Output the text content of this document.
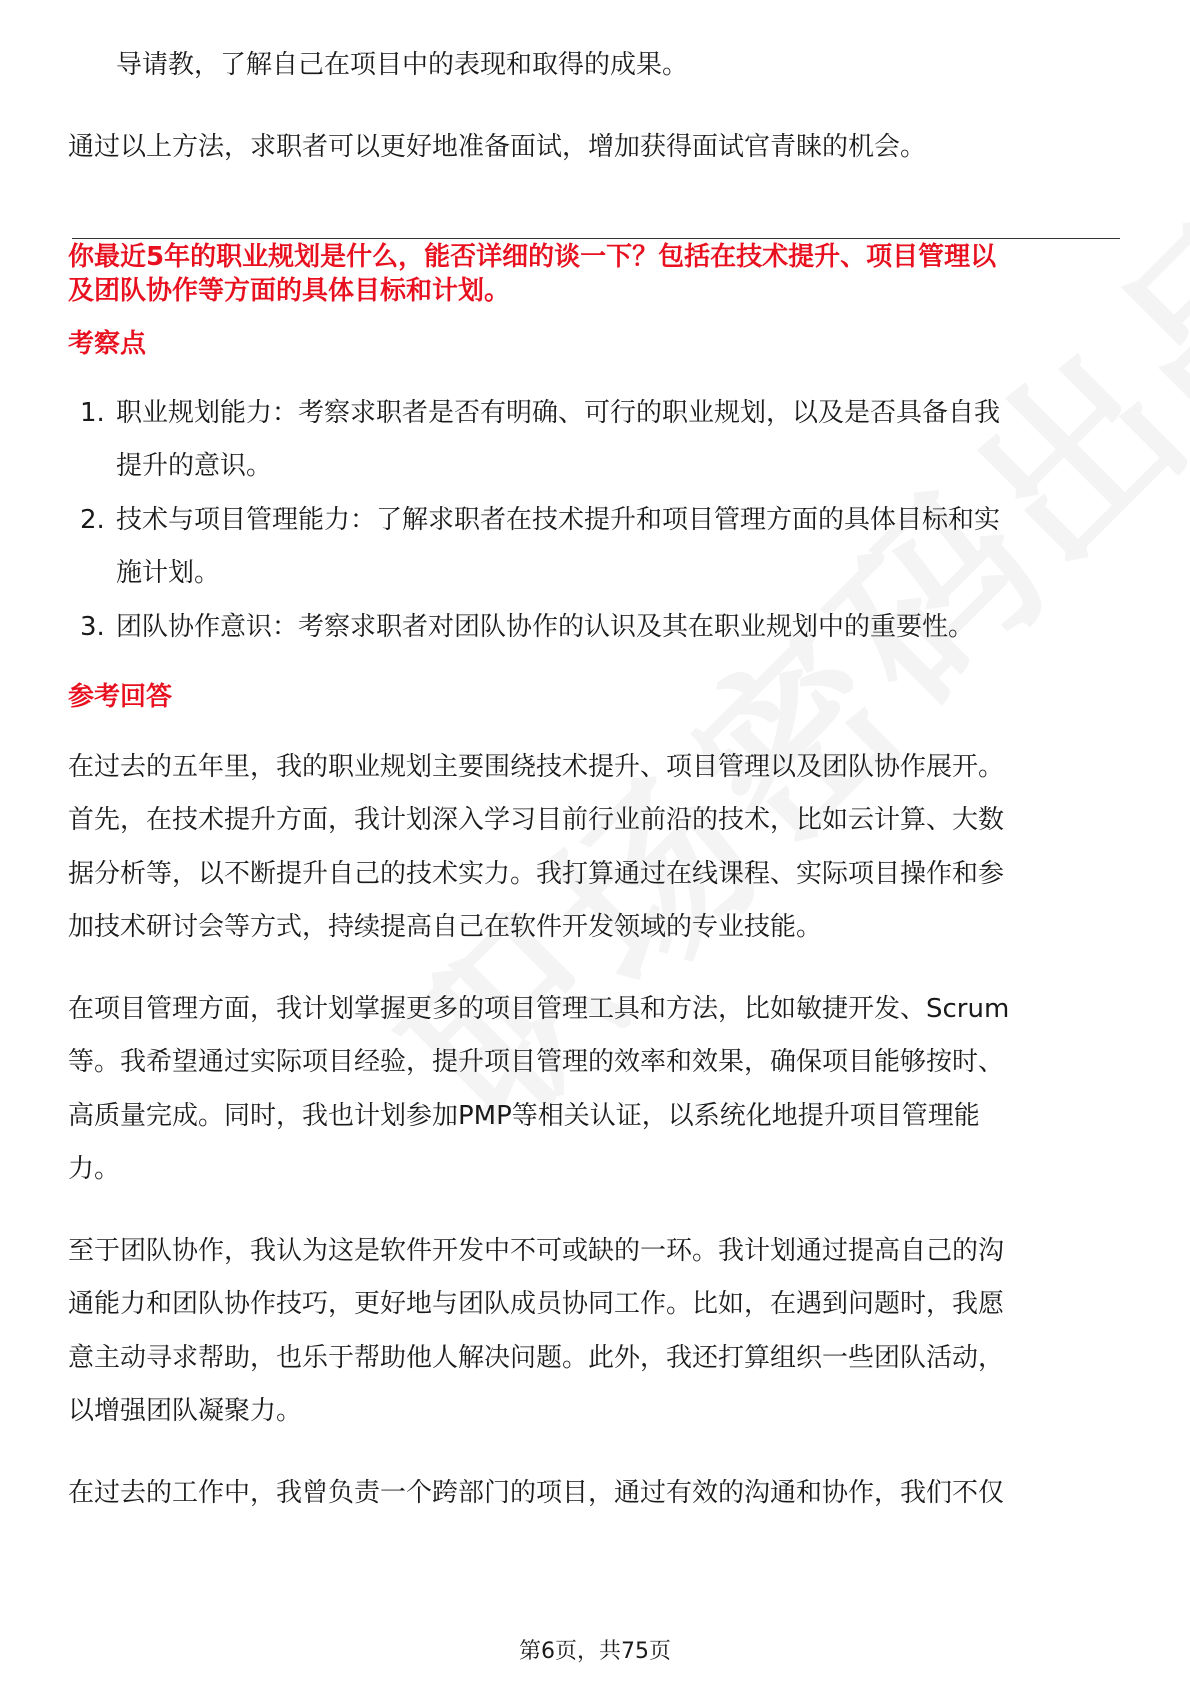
导请教，了解自己在项目中的表现和取得的成果。
通过以上方法，求职者可以更好地准备面试，增加获得面试官青睐的机会。
你最近5年的职业规划是什么，能否详细的谈一下？包括在技术提升、项目管理以
及团队协作等方面的具体目标和计划。
考察点
1. 职业规划能力：考察求职者是否有明确、可行的职业规划，以及是否具备自我
提升的意识。
2. 技术与项目管理能力：了解求职者在技术提升和项目管理方面的具体目标和实
施计划。
3. 团队协作意识：考察求职者对团队协作的认识及其在职业规划中的重要性。
参考回答
在过去的五年里，我的职业规划主要围绕技术提升、项目管理以及团队协作展开。
首先，在技术提升方面，我计划深入学习目前行业前沿的技术，比如云计算、大数
据分析等，以不断提升自己的技术实力。我打算通过在线课程、实际项目操作和参
加技术研讨会等方式，持续提高自己在软件开发领域的专业技能。
在项目管理方面，我计划掌握更多的项目管理工具和方法，比如敏捷开发、Scrum
等。我希望通过实际项目经验，提升项目管理的效率和效果，确保项目能够按时、
高质量完成。同时，我也计划参加PMP等相关认证，以系统化地提升项目管理能
力。
至于团队协作，我认为这是软件开发中不可或缺的一环。我计划通过提高自己的沟
通能力和团队协作技巧，更好地与团队成员协同工作。比如，在遇到问题时，我愿
意主动寻求帮助，也乐于帮助他人解决问题。此外，我还打算组织一些团队活动，
以增强团队凝聚力。
在过去的工作中，我曾负责一个跨部门的项目，通过有效的沟通和协作，我们不仅
第6页，共75页
